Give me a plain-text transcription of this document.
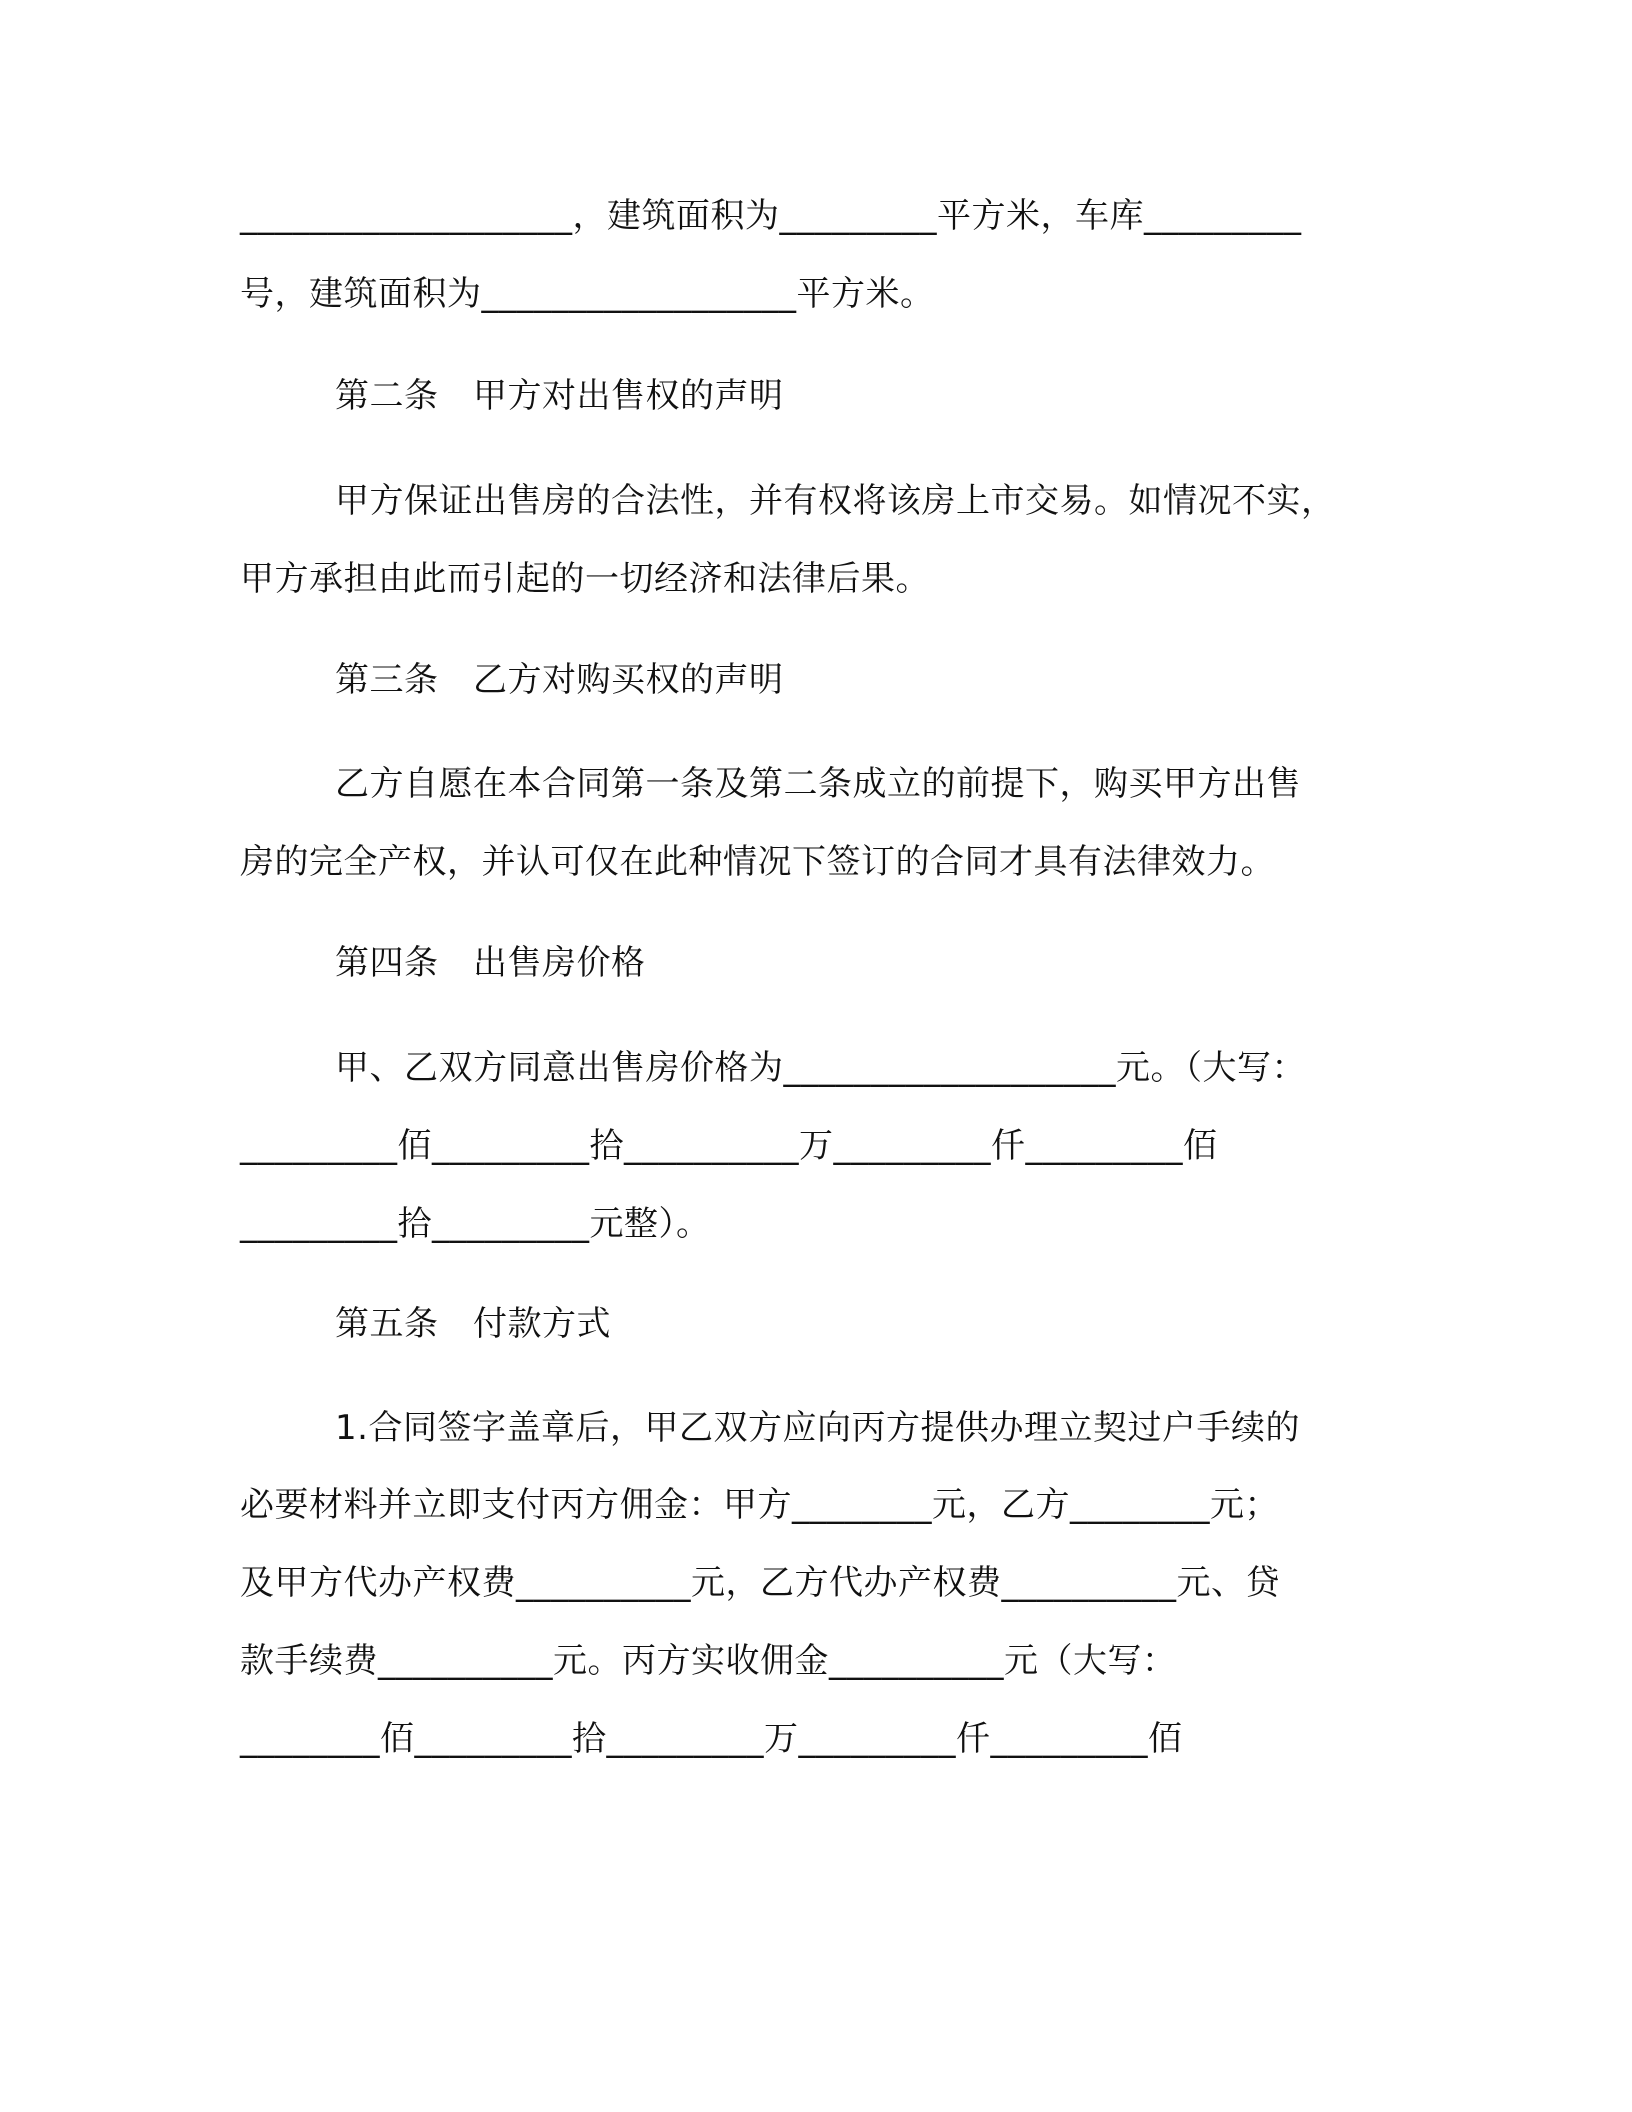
___________________，建筑面积为_________平方米，车库_________
号，建筑面积为__________________平方米。
第二条　甲方对出售权的声明
甲方保证出售房的合法性，并有权将该房上市交易。如情况不实，
甲方承担由此而引起的一切经济和法律后果。
第三条　乙方对购买权的声明
乙方自愿在本合同第一条及第二条成立的前提下，购买甲方出售
房的完全产权，并认可仅在此种情况下签订的合同才具有法律效力。
第四条　出售房价格
甲、乙双方同意出售房价格为___________________元。（大写：
_________佰_________拾__________万_________仟_________佰
_________拾_________元整）。
第五条　付款方式
1.合同签字盖章后，甲乙双方应向丙方提供办理立契过户手续的
必要材料并立即支付丙方佣金：甲方________元，乙方________元；
及甲方代办产权费__________元，乙方代办产权费__________元、贷
款手续费__________元。丙方实收佣金__________元（大写：
________佰_________拾_________万_________仟_________佰
